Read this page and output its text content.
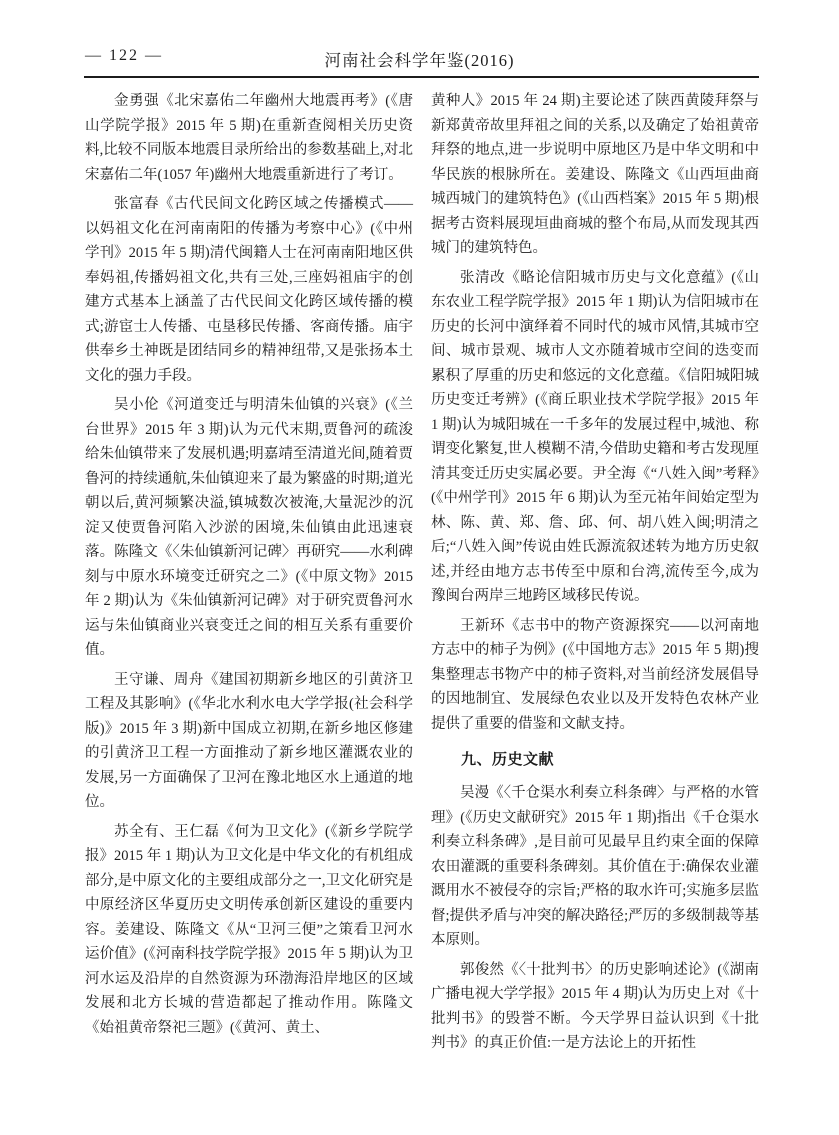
— 122 —	河南社会科学年鉴(2016)

金勇强《北宋嘉佑二年幽州大地震再考》(《唐山学院学报》2015 年 5 期)在重新查阅相关历史资料,比较不同版本地震目录所给出的参数基础上,对北宋嘉佑二年(1057 年)幽州大地震重新进行了考订。

张富春《古代民间文化跨区域之传播模式——以妈祖文化在河南南阳的传播为考察中心》(《中州学刊》2015 年 5 期)清代闽籍人士在河南南阳地区供奉妈祖,传播妈祖文化,共有三处,三座妈祖庙宇的创建方式基本上涵盖了古代民间文化跨区域传播的模式;游宦士人传播、屯垦移民传播、客商传播。庙宇供奉乡土神既是团结同乡的精神纽带,又是张扬本土文化的强力手段。

吴小伦《河道变迁与明清朱仙镇的兴衰》(《兰台世界》2015 年 3 期)认为元代末期,贾鲁河的疏浚给朱仙镇带来了发展机遇;明嘉靖至清道光间,随着贾鲁河的持续通航,朱仙镇迎来了最为繁盛的时期;道光朝以后,黄河频繁决溢,镇城数次被淹,大量泥沙的沉淀又使贾鲁河陷入沙淤的困境,朱仙镇由此迅速衰落。陈隆文《〈朱仙镇新河记碑〉再研究——水利碑刻与中原水环境变迁研究之二》(《中原文物》2015 年 2 期)认为《朱仙镇新河记碑》对于研究贾鲁河水运与朱仙镇商业兴衰变迁之间的相互关系有重要价值。

王守谦、周舟《建国初期新乡地区的引黄济卫工程及其影响》(《华北水利水电大学学报(社会科学版)》2015 年 3 期)新中国成立初期,在新乡地区修建的引黄济卫工程一方面推动了新乡地区灌溉农业的发展,另一方面确保了卫河在豫北地区水上通道的地位。

苏全有、王仁磊《何为卫文化》(《新乡学院学报》2015 年 1 期)认为卫文化是中华文化的有机组成部分,是中原文化的主要组成部分之一,卫文化研究是中原经济区华夏历史文明传承创新区建设的重要内容。姜建设、陈隆文《从“卫河三便”之策看卫河水运价值》(《河南科技学院学报》2015 年 5 期)认为卫河水运及沿岸的自然资源为环渤海沿岸地区的区域发展和北方长城的营造都起了推动作用。陈隆文《始祖黄帝祭祀三题》(《黄河、黄土、

黄种人》2015 年 24 期)主要论述了陕西黄陵拜祭与新郑黄帝故里拜祖之间的关系,以及确定了始祖黄帝拜祭的地点,进一步说明中原地区乃是中华文明和中华民族的根脉所在。姜建设、陈隆文《山西垣曲商城西城门的建筑特色》(《山西档案》2015 年 5 期)根据考古资料展现垣曲商城的整个布局,从而发现其西城门的建筑特色。

张清改《略论信阳城市历史与文化意蕴》(《山东农业工程学院学报》2015 年 1 期)认为信阳城市在历史的长河中演绎着不同时代的城市风情,其城市空间、城市景观、城市人文亦随着城市空间的迭变而累积了厚重的历史和悠远的文化意蕴。《信阳城阳城历史变迁考辨》(《商丘职业技术学院学报》2015 年 1 期)认为城阳城在一千多年的发展过程中,城池、称谓变化繁复,世人模糊不清,今借助史籍和考古发现厘清其变迁历史实属必要。尹全海《“八姓入闽”考释》(《中州学刊》2015 年 6 期)认为至元祐年间始定型为林、陈、黄、郑、詹、邱、何、胡八姓入闽;明清之后;“八姓入闽”传说由姓氏源流叙述转为地方历史叙述,并经由地方志书传至中原和台湾,流传至今,成为豫闽台两岸三地跨区域移民传说。

王新环《志书中的物产资源探究——以河南地方志中的柿子为例》(《中国地方志》2015 年 5 期)搜集整理志书物产中的柿子资料,对当前经济发展倡导的因地制宜、发展绿色农业以及开发特色农林产业提供了重要的借鉴和文献支持。

九、历史文献

吴漫《〈千仓渠水利奏立科条碑〉与严格的水管理》(《历史文献研究》2015 年 1 期)指出《千仓渠水利奏立科条碑》,是目前可见最早且约束全面的保障农田灌溉的重要科条碑刻。其价值在于:确保农业灌溉用水不被侵夺的宗旨;严格的取水许可;实施多层监督;提供矛盾与冲突的解决路径;严厉的多级制裁等基本原则。

郭俊然《〈十批判书〉的历史影响述论》(《湖南广播电视大学学报》2015 年 4 期)认为历史上对《十批判书》的毁誉不断。今天学界日益认识到《十批判书》的真正价值:一是方法论上的开拓性
